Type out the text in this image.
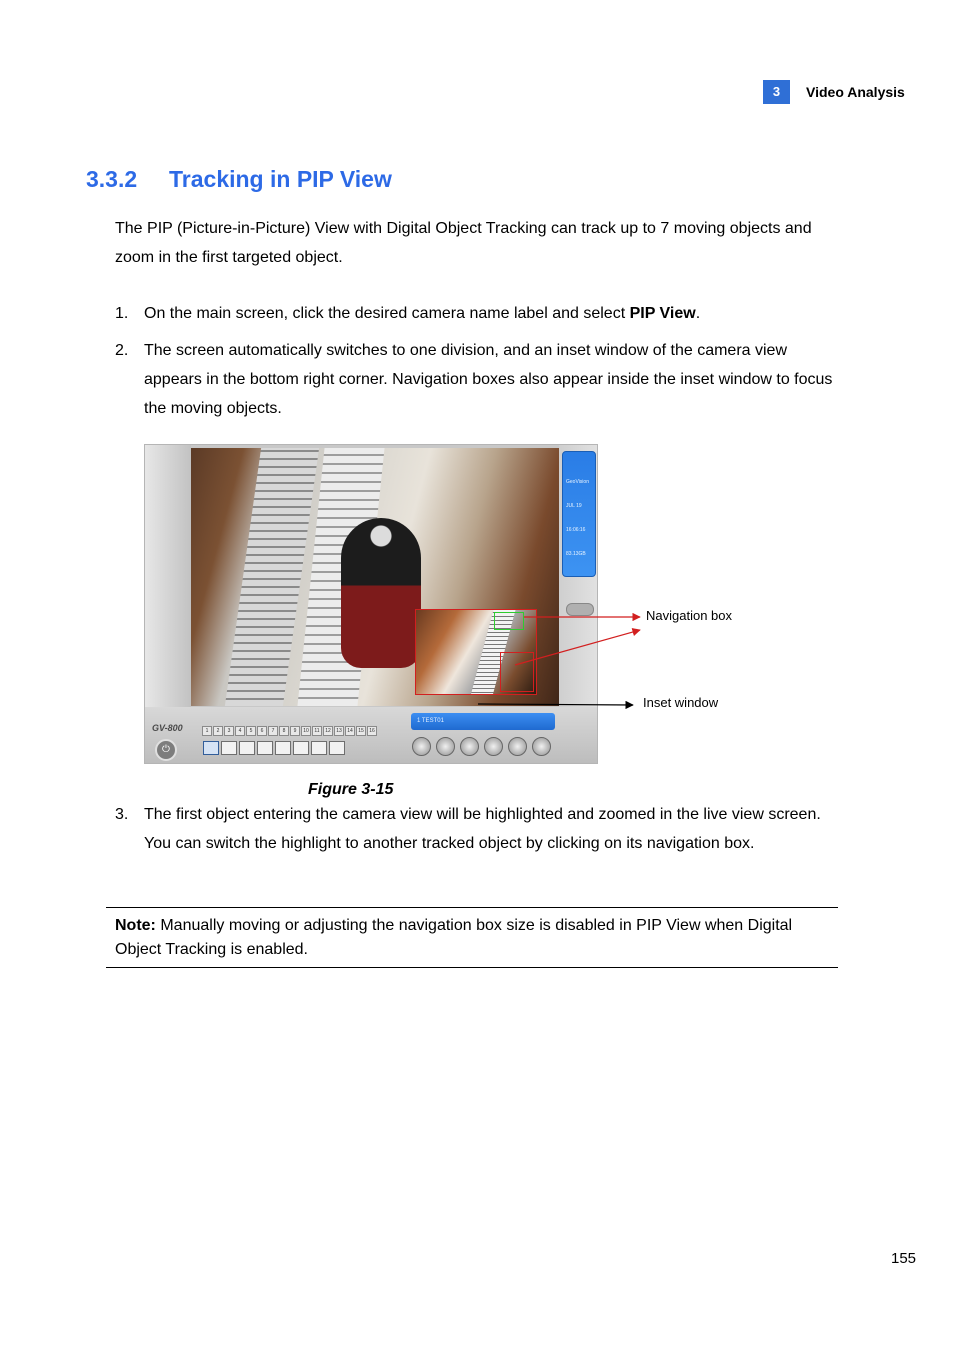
3	Video Analysis
3.3.2 Tracking in PIP View
The PIP (Picture-in-Picture) View with Digital Object Tracking can track up to 7 moving objects and zoom in the first targeted object.
1. On the main screen, click the desired camera name label and select PIP View.
2. The screen automatically switches to one division, and an inset window of the camera view appears in the bottom right corner. Navigation boxes also appear inside the inset window to focus the moving objects.

GeoVision

JUL 19

16:06:16

83.13GB

GV-800
⏻
1	2	3	4	5	6	7	8	9	10	11	12	13	14	15	16
1 TEST01
Navigation box
Inset window
Figure 3-15
3. The first object entering the camera view will be highlighted and zoomed in the live view screen. You can switch the highlight to another tracked object by clicking on its navigation box.
Note: Manually moving or adjusting the navigation box size is disabled in PIP View when Digital Object Tracking is enabled.
155
